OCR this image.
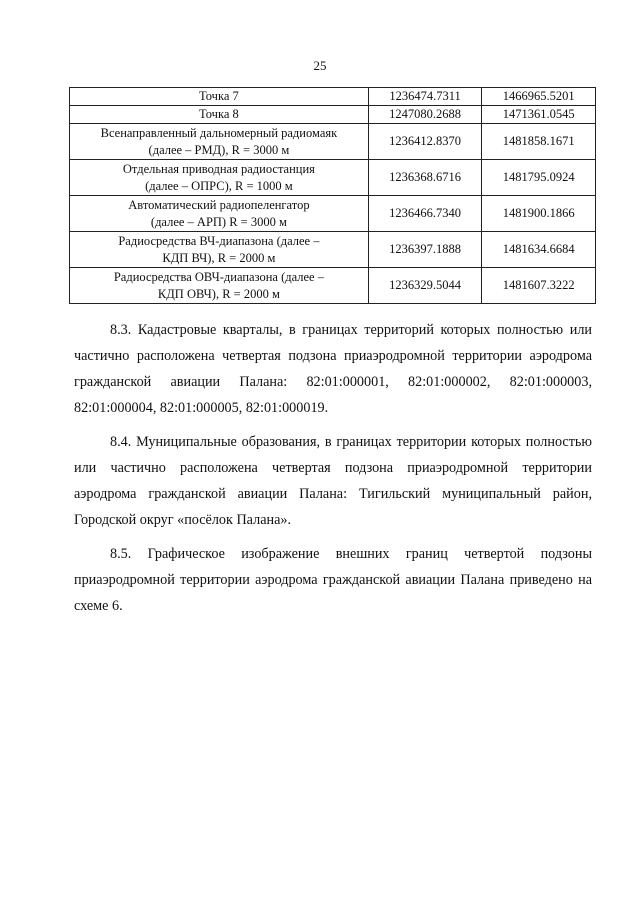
25
Точка 7	1236474.7311	1466965.5201
Точка 8	1247080.2688	1471361.0545
Всенаправленный дальномерный радиомаяк
(далее – РМД), R = 3000 м	1236412.8370	1481858.1671
Отдельная приводная радиостанция
(далее – ОПРС), R = 1000 м	1236368.6716	1481795.0924
Автоматический радиопеленгатор
(далее – АРП) R = 3000 м	1236466.7340	1481900.1866
Радиосредства ВЧ-диапазона (далее –
КДП ВЧ), R = 2000 м	1236397.1888	1481634.6684
Радиосредства ОВЧ-диапазона (далее –
КДП ОВЧ), R = 2000 м	1236329.5044	1481607.3222

8.3. Кадастровые кварталы, в границах территорий которых полностью или частично расположена четвертая подзона приаэродромной территории аэродрома гражданской авиации Палана: 82:01:000001, 82:01:000002, 82:01:000003, 82:01:000004, 82:01:000005, 82:01:000019.

8.4. Муниципальные образования, в границах территории которых полностью или частично расположена четвертая подзона приаэродромной территории аэродрома гражданской авиации Палана: Тигильский муниципальный район, Городской округ «посёлок Палана».

8.5. Графическое изображение внешних границ четвертой подзоны приаэродромной территории аэродрома гражданской авиации Палана приведено на схеме 6.
